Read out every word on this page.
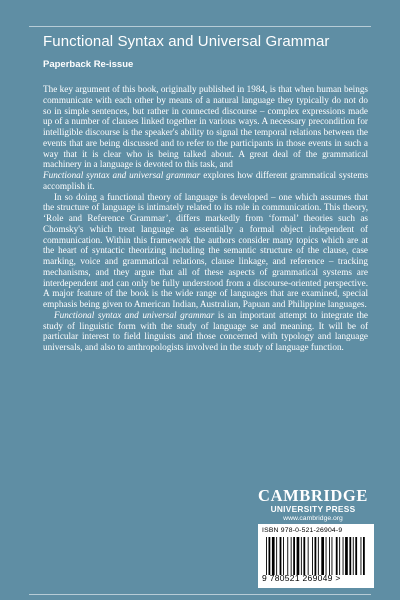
Functional Syntax and Universal Grammar
Paperback Re-issue

The key argument of this book, originally published in 1984, is that when human beings communicate with each other by means of a natural language they typically do not do so in simple sentences, but rather in connected discourse – complex expressions made up of a number of clauses linked together in various ways. A necessary precondition for intelligible discourse is the speaker's ability to signal the temporal relations between the events that are being discussed and to refer to the participants in those events in such a way that it is clear who is being talked about. A great deal of the grammatical machinery in a language is devoted to this task, and
Functional syntax and universal grammar explores how different grammatical systems accomplish it.

In so doing a functional theory of language is developed – one which assumes that the structure of language is intimately related to its role in communication. This theory, ‘Role and Reference Grammar’, differs markedly from ‘formal’ theories such as Chomsky's which treat language as essentially a formal object independent of communication. Within this framework the authors consider many topics which are at the heart of syntactic theorizing including the semantic structure of the clause, case marking, voice and grammatical relations, clause linkage, and reference – tracking mechanisms, and they argue that all of these aspects of grammatical systems are interdependent and can only be fully understood from a discourse-oriented perspective. A major feature of the book is the wide range of languages that are examined, special emphasis being given to American Indian, Australian, Papuan and Philippine languages.

Functional syntax and universal grammar is an important attempt to integrate the study of linguistic form with the study of language se and meaning. It will be of particular interest to field linguists and those concerned with typology and language universals, and also to anthropologists involved in the study of language function.

CAMBRIDGE
UNIVERSITY PRESS
www.cambridge.org
ISBN 978-0-521-26904-9
9 780521 269049 >
